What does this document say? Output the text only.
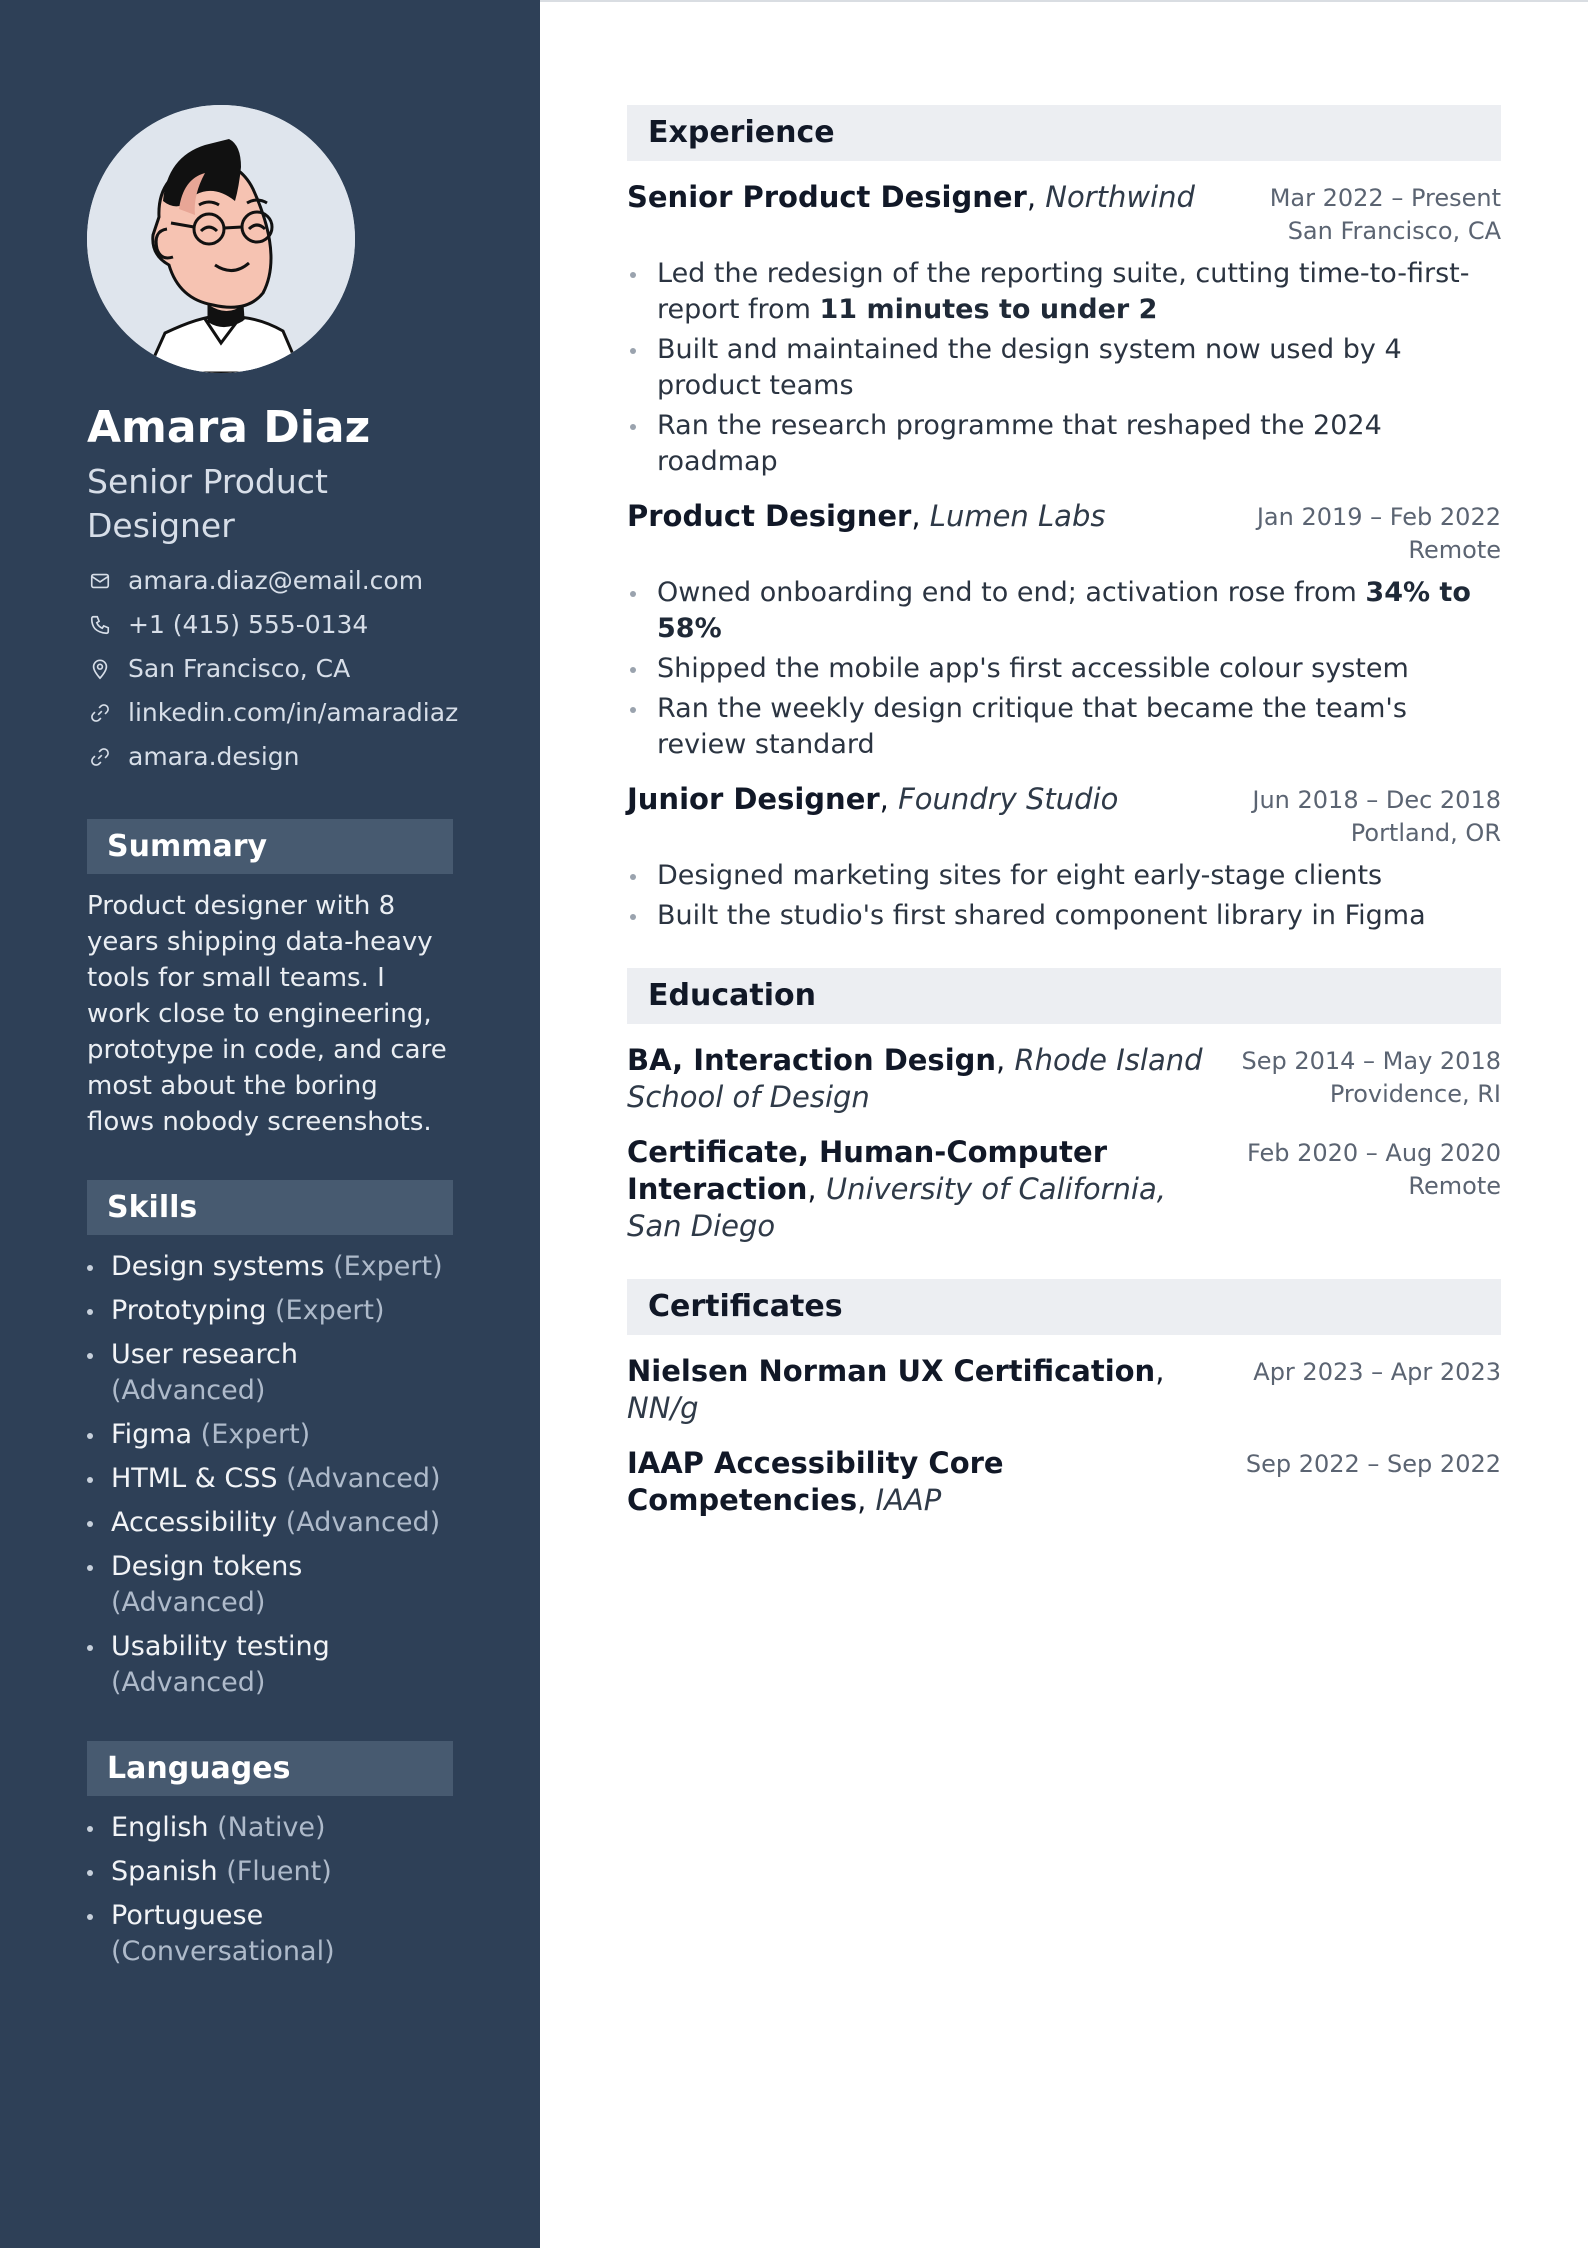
Amara Diaz
Senior Product Designer
amara.diaz@email.com
+1 (415) 555-0134
San Francisco, CA
linkedin.com/in/amaradiaz
amara.design
Summary

Product designer with 8 years shipping data-heavy tools for small teams. I work close to engineering, prototype in code, and care most about the boring flows nobody screenshots.

Skills
Design systems (Expert)
Prototyping (Expert)
User research (Advanced)
Figma (Expert)
HTML & CSS (Advanced)
Accessibility (Advanced)
Design tokens (Advanced)
Usability testing (Advanced)
Languages
English (Native)
Spanish (Fluent)
Portuguese (Conversational)
Experience
Senior Product Designer, Northwind	Mar 2022 – Present
San Francisco, CA
Led the redesign of the reporting suite, cutting time-to-first-report from 11 minutes to under 2
Built and maintained the design system now used by 4 product teams
Ran the research programme that reshaped the 2024 roadmap
Product Designer, Lumen Labs	Jan 2019 – Feb 2022
Remote
Owned onboarding end to end; activation rose from 34% to 58%
Shipped the mobile app's first accessible colour system
Ran the weekly design critique that became the team's review standard
Junior Designer, Foundry Studio	Jun 2018 – Dec 2018
Portland, OR
Designed marketing sites for eight early-stage clients
Built the studio's first shared component library in Figma
Education
BA, Interaction Design, Rhode Island School of Design
Sep 2014 – May 2018
Providence, RI
Certificate, Human-Computer Interaction, University of California, San Diego
Feb 2020 – Aug 2020
Remote
Certificates
Nielsen Norman UX Certification, NN/g
Apr 2023 – Apr 2023
IAAP Accessibility Core Competencies, IAAP
Sep 2022 – Sep 2022
